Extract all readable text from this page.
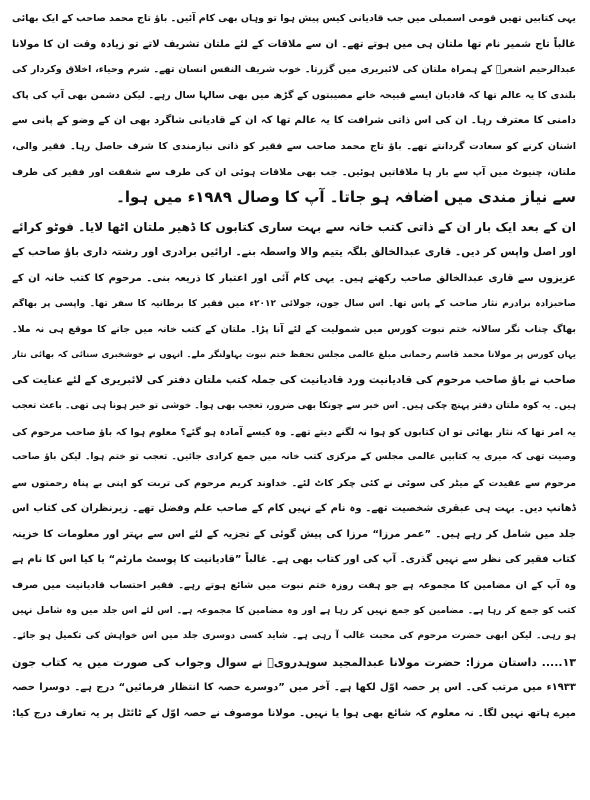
یہی کتابیں تھیں قومی اسمبلی میں جب قادیانی کیس پیش ہوا تو وہاں بھی کام آئیں۔ باؤ تاج محمد صاحب کے ایک بھائی
غالباً تاج شمیر نام تھا ملتان ہی میں ہوتے تھے۔ ان سے ملاقات کے لئے ملتان تشریف لاتے تو زیادہ وقت ان کا مولانا
عبدالرحیم اشعرؒ کے ہمراہ ملتان کی لائبریری میں گزرتا۔ خوب شریف النفس انسان تھے۔ شرم وحیاء، اخلاق وکردار کی
بلندی کا یہ عالم تھا کہ قادیان ایسے قبیحہ خانے مصیبتوں کے گڑھ میں بھی سالہا سال رہے۔ لیکن دشمن بھی آپ کی پاک
دامنی کا معترف رہا۔ ان کی اس ذاتی شرافت کا یہ عالم تھا کہ ان کے قادیانی شاگرد بھی ان کے وضو کے پانی سے
اشنان کرنے کو سعادت گردانتے تھے۔ باؤ تاج محمد صاحب سے فقیر کو ذاتی نیازمندی کا شرف حاصل رہا۔ فقیر والی،
ملتان، چنیوٹ میں آپ سے بار ہا ملاقاتیں ہوئیں۔ جب بھی ملاقات ہوئی ان کی طرف سے شفقت اور فقیر کی طرف
سے نیاز مندی میں اضافہ ہو جاتا۔ آپ کا وصال ۱۹۸۹ء میں ہوا۔
ان کے بعد ایک بار ان کے ذاتی کتب خانہ سے بہت ساری کتابوں کا ڈھیر ملتان اٹھا لایا۔ فوٹو کرائے
اور اصل واپس کر دیں۔ قاری عبدالخالق بلگہ یتیم والا واسطہ بنے۔ ارائیں برادری اور رشتہ داری باؤ صاحب کے
عزیزوں سے قاری عبدالخالق صاحب رکھتے ہیں۔ یہی کام آئی اور اعتبار کا ذریعہ بنی۔ مرحوم کا کتب خانہ ان کے
صاحبزادہ برادرم نثار صاحب کے پاس تھا۔ اس سال جون، جولائی ۲۰۱۲ء میں فقیر کا برطانیہ کا سفر تھا۔ واپسی پر بھاگم
بھاگ چناب نگر سالانہ ختم نبوت کورس میں شمولیت کے لئے آنا پڑا۔ ملتان کے کتب خانہ میں جانے کا موقع ہی نہ ملا۔
یہاں کورس پر مولانا محمد قاسم رحمانی مبلغ عالمی مجلس تحفظ ختم نبوت بہاولنگر ملے۔ انہوں نے خوشخبری سنائی کہ بھائی نثار
صاحب نے باؤ صاحب مرحوم کی قادیانیت ورد قادیانیت کی جملہ کتب ملتان دفتر کی لائبریری کے لئے عنایت کی
ہیں۔ یہ کوہ ملتان دفتر پہنچ چکی ہیں۔ اس خبر سے چونکا بھی ضرور، تعجب بھی ہوا۔ خوشی تو خیر ہونا ہی تھی۔ باعث تعجب
یہ امر تھا کہ نثار بھائی تو ان کتابوں کو ہوا نہ لگنے دیتے تھے۔ وہ کیسے آمادہ ہو گئے؟ معلوم ہوا کہ باؤ صاحب مرحوم کی
وصیت تھی کہ میری یہ کتابیں عالمی مجلس کے مرکزی کتب خانہ میں جمع کرادی جائیں۔ تعجب تو ختم ہوا۔ لیکن باؤ صاحب
مرحوم سے عقیدت کے میٹر کی سوئی نے کئی چکر کاٹ لئے۔ خداوند کریم مرحوم کی تربت کو اپنی بے پناہ رحمتوں سے
ڈھانپ دیں۔ بہت ہی عبقری شخصیت تھے۔ وہ نام کے نہیں کام کے صاحب علم وفضل تھے۔ زیرنظران کی کتاب اس
جلد میں شامل کر رہے ہیں۔ ”عمر مرزا“ مرزا کی پیش گوئی کے تجزیہ کے لئے اس سے بہتر اور معلومات کا خزینہ
کتاب فقیر کی نظر سے نہیں گذری۔ آپ کی اور کتاب بھی ہے۔ غالباً ”قادیانیت کا پوسٹ مارٹم“ یا کیا اس کا نام ہے
وہ آپ کے ان مضامین کا مجموعہ ہے جو ہفت روزہ ختم نبوت میں شائع ہوتے رہے۔ فقیر احتساب قادیانیت میں صرف
کتب کو جمع کر رہا ہے۔ مضامین کو جمع نہیں کر رہا ہے اور وہ مضامین کا مجموعہ ہے۔ اس لئے اس جلد میں وہ شامل نہیں
ہو رہی۔ لیکن ابھی حضرت مرحوم کی محبت غالب آ رہی ہے۔ شاید کسی دوسری جلد میں اس خواہش کی تکمیل ہو جائے۔
۱۳..... داستان مرزا: حضرت مولانا عبدالمجید سوہدرویؒ نے سوال وجواب کی صورت میں یہ کتاب جون
۱۹۳۳ء میں مرتب کی۔ اس پر حصہ اوّل لکھا ہے۔ آخر میں ”دوسرے حصہ کا انتظار فرمائیں“ درج ہے۔ دوسرا حصہ
میرے ہاتھ نہیں لگا۔ نہ معلوم کہ شائع بھی ہوا یا نہیں۔ مولانا موصوف نے حصہ اوّل کے ٹائٹل پر یہ تعارف درج کیا:
